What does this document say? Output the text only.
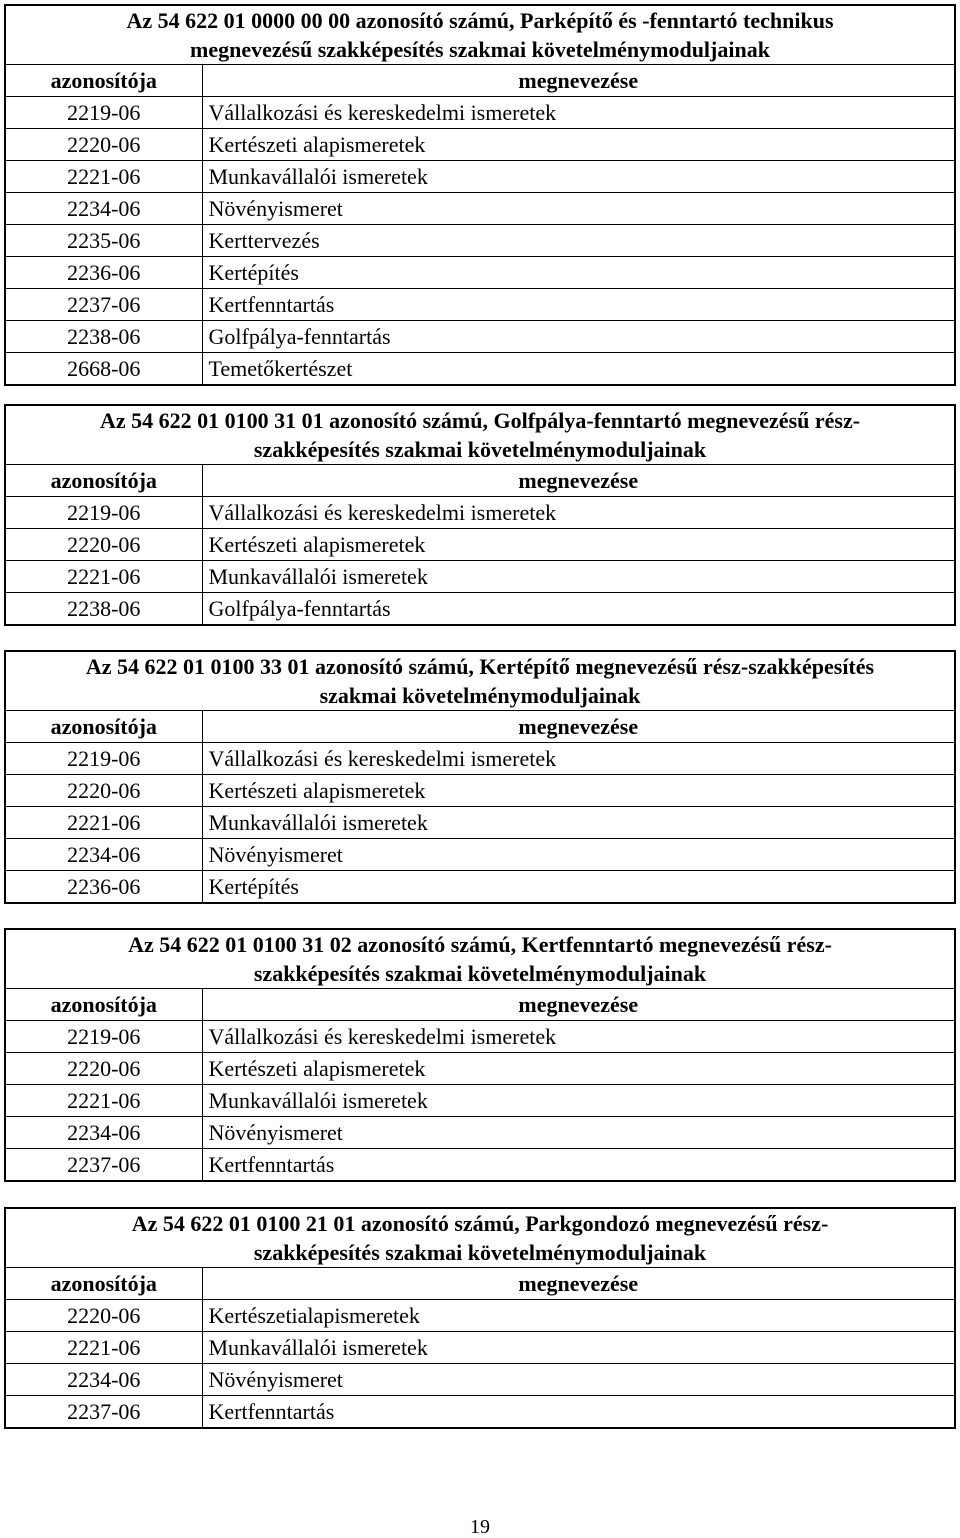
Az 54 622 01 0000 00 00 azonosító számú, Parképítő és -fenntartó technikus
megnevezésű szakképesítés szakmai követelménymoduljainak	

azonosítója	megnevezése
2219-06	Vállalkozási és kereskedelmi ismeretek
2220-06	Kertészeti alapismeretek
2221-06	Munkavállalói ismeretek
2234-06	Növényismeret
2235-06	Kerttervezés
2236-06	Kertépítés
2237-06	Kertfenntartás
2238-06	Golfpálya-fenntartás
2668-06	Temetőkertészet
Az 54 622 01 0100 31 01 azonosító számú, Golfpálya-fenntartó megnevezésű rész-
szakképesítés szakmai követelménymoduljainak	

azonosítója	megnevezése
2219-06	Vállalkozási és kereskedelmi ismeretek
2220-06	Kertészeti alapismeretek
2221-06	Munkavállalói ismeretek
2238-06	Golfpálya-fenntartás
Az 54 622 01 0100 33 01 azonosító számú, Kertépítő megnevezésű rész-szakképesítés
szakmai követelménymoduljainak	

azonosítója	megnevezése
2219-06	Vállalkozási és kereskedelmi ismeretek
2220-06	Kertészeti alapismeretek
2221-06	Munkavállalói ismeretek
2234-06	Növényismeret
2236-06	Kertépítés
Az 54 622 01 0100 31 02 azonosító számú, Kertfenntartó megnevezésű rész-
szakképesítés szakmai követelménymoduljainak	

azonosítója	megnevezése
2219-06	Vállalkozási és kereskedelmi ismeretek
2220-06	Kertészeti alapismeretek
2221-06	Munkavállalói ismeretek
2234-06	Növényismeret
2237-06	Kertfenntartás
Az 54 622 01 0100 21 01 azonosító számú, Parkgondozó megnevezésű rész-
szakképesítés szakmai követelménymoduljainak	

azonosítója	megnevezése
2220-06	Kertészetialapismeretek
2221-06	Munkavállalói ismeretek
2234-06	Növényismeret
2237-06	Kertfenntartás
19
